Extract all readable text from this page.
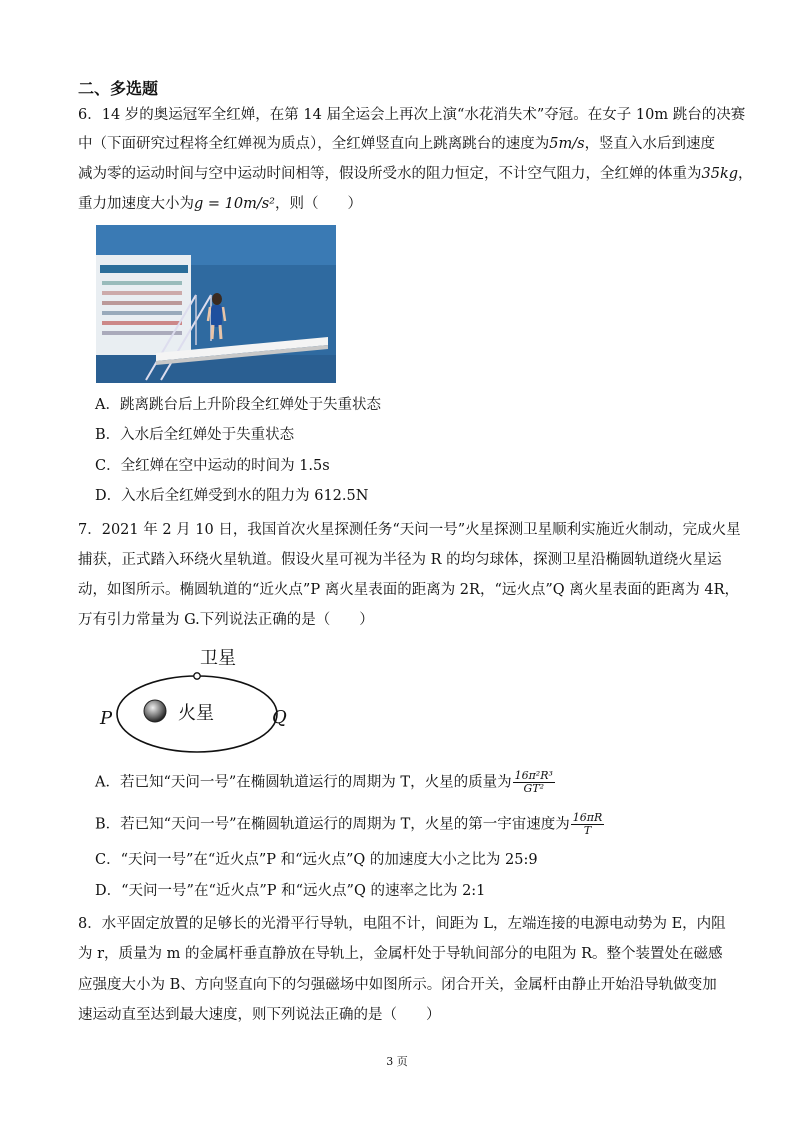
二、多选题
6．14 岁的奥运冠军全红婵，在第 14 届全运会上再次上演“水花消失术”夺冠。在女子 10m 跳台的决赛
中（下面研究过程将全红婵视为质点），全红婵竖直向上跳离跳台的速度为5m/s，竖直入水后到速度
减为零的运动时间与空中运动时间相等，假设所受水的阻力恒定，不计空气阻力，全红婵的体重为35kg，
重力加速度大小为g = 10m/s²，则（　　）
A．跳离跳台后上升阶段全红婵处于失重状态
B．入水后全红婵处于失重状态
C．全红婵在空中运动的时间为 1.5s
D．入水后全红婵受到水的阻力为 612.5N
7．2021 年 2 月 10 日，我国首次火星探测任务“天问一号”火星探测卫星顺利实施近火制动，完成火星
捕获，正式踏入环绕火星轨道。假设火星可视为半径为 R 的均匀球体，探测卫星沿椭圆轨道绕火星运
动，如图所示。椭圆轨道的“近火点”P 离火星表面的距离为 2R，“远火点”Q 离火星表面的距离为 4R，
万有引力常量为 G.下列说法正确的是（　　）
卫星
火星
P	Q
A．若已知“天问一号”在椭圆轨道运行的周期为 T，火星的质量为 $\frac{\text{16π²R³}}{\text{GT²}}$
B．若已知“天问一号”在椭圆轨道运行的周期为 T，火星的第一宇宙速度为 $\frac{16\pi R}{T}$
C．“天问一号”在“近火点”P 和“远火点”Q 的加速度大小之比为 25:9
D．“天问一号”在“近火点”P 和“远火点”Q 的速率之比为 2:1
8．水平固定放置的足够长的光滑平行导轨，电阻不计，间距为 L，左端连接的电源电动势为 E，内阻
为 r，质量为 m 的金属杆垂直静放在导轨上，金属杆处于导轨间部分的电阻为 R。整个装置处在磁感
应强度大小为 B、方向竖直向下的匀强磁场中如图所示。闭合开关，金属杆由静止开始沿导轨做变加
速运动直至达到最大速度，则下列说法正确的是（　　）
3 页
